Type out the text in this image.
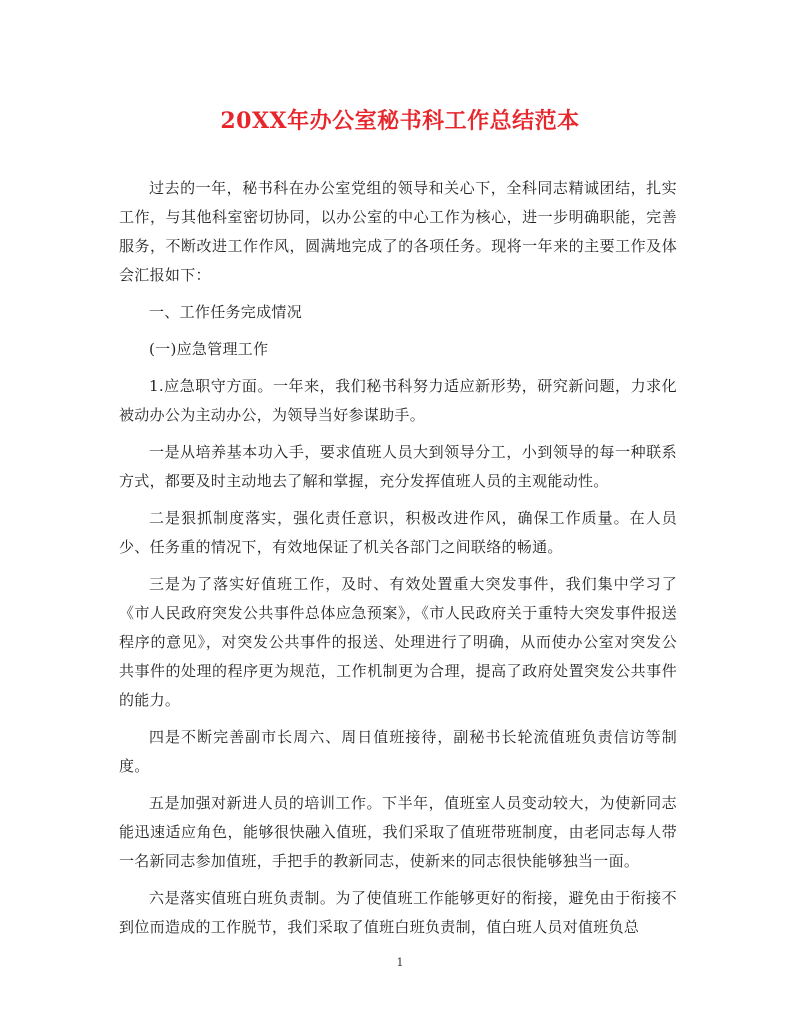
20XX年办公室秘书科工作总结范本

过去的一年，秘书科在办公室党组的领导和关心下，全科同志精诚团结，扎实工作，与其他科室密切协同，以办公室的中心工作为核心，进一步明确职能，完善服务，不断改进工作作风，圆满地完成了的各项任务。现将一年来的主要工作及体会汇报如下：

一、工作任务完成情况

(一)应急管理工作

1.应急职守方面。一年来，我们秘书科努力适应新形势，研究新问题，力求化被动办公为主动办公，为领导当好参谋助手。

一是从培养基本功入手，要求值班人员大到领导分工，小到领导的每一种联系方式，都要及时主动地去了解和掌握，充分发挥值班人员的主观能动性。

二是狠抓制度落实，强化责任意识，积极改进作风，确保工作质量。在人员少、任务重的情况下，有效地保证了机关各部门之间联络的畅通。

三是为了落实好值班工作，及时、有效处置重大突发事件，我们集中学习了《市人民政府突发公共事件总体应急预案》，《市人民政府关于重特大突发事件报送程序的意见》，对突发公共事件的报送、处理进行了明确，从而使办公室对突发公共事件的处理的程序更为规范，工作机制更为合理，提高了政府处置突发公共事件的能力。

四是不断完善副市长周六、周日值班接待，副秘书长轮流值班负责信访等制度。

五是加强对新进人员的培训工作。下半年，值班室人员变动较大，为使新同志能迅速适应角色，能够很快融入值班，我们采取了值班带班制度，由老同志每人带一名新同志参加值班，手把手的教新同志，使新来的同志很快能够独当一面。

六是落实值班白班负责制。为了使值班工作能够更好的衔接，避免由于衔接不到位而造成的工作脱节，我们采取了值班白班负责制，值白班人员对值班负总

1
